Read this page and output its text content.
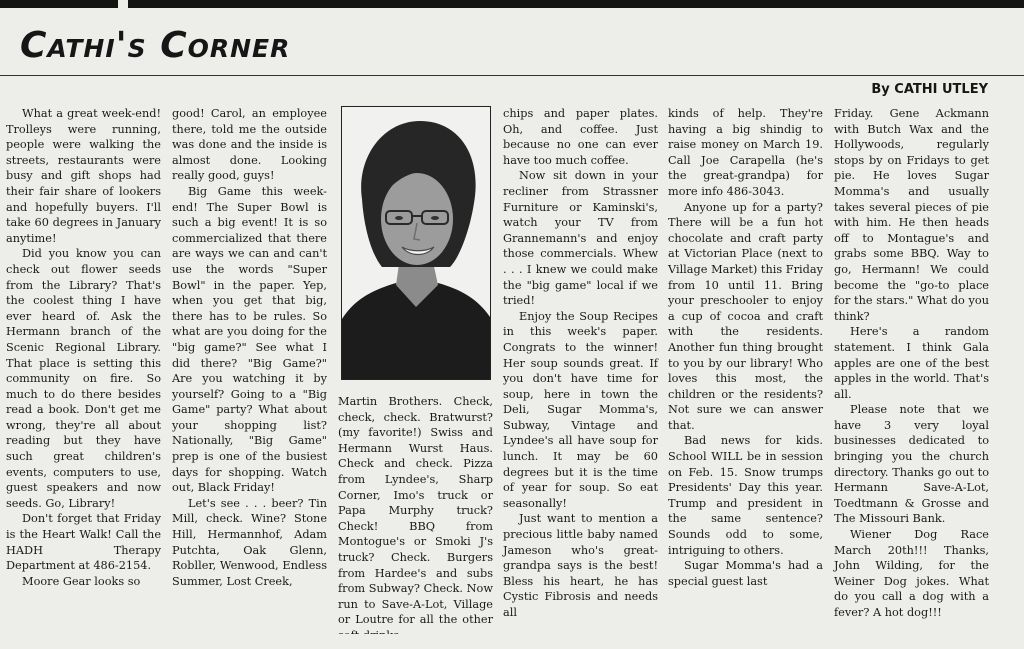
Cathi's Corner
By CATHI UTLEY

What a great week-end! Trolleys were running, people were walking the streets, restaurants were busy and gift shops had their fair share of lookers and hopefully buyers. I'll take 60 degrees in January anytime!

Did you know you can check out flower seeds from the Library? That's the coolest thing I have ever heard of. Ask the Hermann branch of the Scenic Regional Library. That place is setting this community on fire. So much to do there besides read a book. Don't get me wrong, they're all about reading but they have such great children's events, computers to use, guest speakers and now seeds. Go, Library!

Don't forget that Friday is the Heart Walk! Call the HADH Therapy Department at 486-2154.

Moore Gear looks so

good! Carol, an employee there, told me the outside was done and the inside is almost done. Looking really good, guys!

Big Game this week-end! The Super Bowl is such a big event! It is so commercialized that there are ways we can and can't use the words "Super Bowl" in the paper. Yep, when you get that big, there has to be rules. So what are you doing for the "big game?" See what I did there? "Big Game?" Are you watching it by yourself? Going to a "Big Game" party? What about your shopping list? Nationally, "Big Game" prep is one of the busiest days for shopping. Watch out, Black Friday!

Let's see . . . beer? Tin Mill, check. Wine? Stone Hill, Hermannhof, Adam Putchta, Oak Glenn, Robller, Wenwood, Endless Summer, Lost Creek,

Martin Brothers. Check, check, check. Bratwurst? (my favorite!) Swiss and Hermann Wurst Haus. Check and check. Pizza from Lyndee's, Sharp Corner, Imo's truck or Papa Murphy truck? Check! BBQ from Montogue's or Smoki J's truck? Check. Burgers from Hardee's and subs from Subway? Check. Now run to Save-A-Lot, Village or Loutre for all the other

chips and paper plates. Oh, and coffee. Just because no one can ever have too much coffee.

Now sit down in your recliner from Strassner Furniture or Kaminski's, watch your TV from Grannemann's and enjoy those commercials. Whew . . . I knew we could make the "big game" local if we tried!

Enjoy the Soup Recipes in this week's paper. Congrats to the winner! Her soup sounds great. If you don't have time for soup, here in town the Deli, Sugar Momma's, Subway, Vintage and Lyndee's all have soup for lunch. It may be 60 degrees but it is the time of year for soup. So eat seasonally!

Just want to mention a precious little baby named Jameson who's great-grandpa says is the best! Bless his heart, he has Cystic Fibrosis and needs all

kinds of help. They're having a big shindig to raise money on March 19. Call Joe Carapella (he's the great-grandpa) for more info 486-3043.

Anyone up for a party? There will be a fun hot chocolate and craft party at Victorian Place (next to Village Market) this Friday from 10 until 11. Bring your preschooler to enjoy a cup of cocoa and craft with the residents. Another fun thing brought to you by our library! Who loves this most, the children or the residents? Not sure we can answer that.

Bad news for kids. School WILL be in session on Feb. 15. Snow trumps Presidents' Day this year. Trump and president in the same sentence? Sounds odd to some, intriguing to others.

Sugar Momma's had a special guest last

Friday. Gene Ackmann with Butch Wax and the Hollywoods, regularly stops by on Fridays to get pie. He loves Sugar Momma's and usually takes several pieces of pie with him. He then heads off to Montague's and grabs some BBQ. Way to go, Hermann! We could become the "go-to place for the stars." What do you think?

Here's a random statement. I think Gala apples are one of the best apples in the world. That's all.

Please note that we have 3 very loyal businesses dedicated to bringing you the church directory. Thanks go out to Hermann Save-A-Lot, Toedtmann & Grosse and The Missouri Bank.

Wiener Dog Race March 20th!!! Thanks, John Wilding, for the Weiner Dog jokes. What do you call a dog with a fever? A hot dog!!!
